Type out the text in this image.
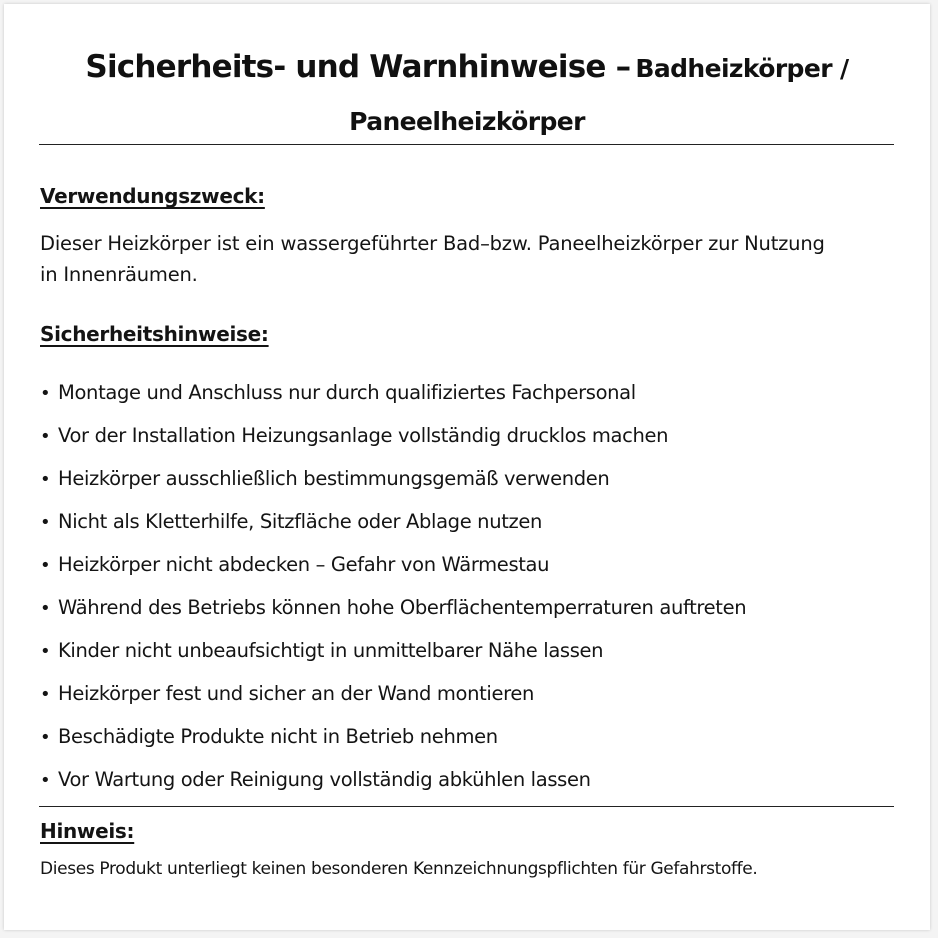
Sicherheits- und Warnhinweise – Badheizkörper / Paneelheizkörper
Verwendungszweck:

Dieser Heizkörper ist ein wassergeführter Bad–bzw. Paneelheizkörper zur Nutzung in Innenräumen.

Sicherheitshinweise:
• Montage und Anschluss nur durch qualifiziertes Fachpersonal
• Vor der Installation Heizungsanlage vollständig drucklos machen
• Heizkörper ausschließlich bestimmungsgemäß verwenden
• Nicht als Kletterhilfe, Sitzfläche oder Ablage nutzen
• Heizkörper nicht abdecken – Gefahr von Wärmestau
• Während des Betriebs können hohe Oberflächentemperraturen auftreten
• Kinder nicht unbeaufsichtigt in unmittelbarer Nähe lassen
• Heizkörper fest und sicher an der Wand montieren
• Beschädigte Produkte nicht in Betrieb nehmen
• Vor Wartung oder Reinigung vollständig abkühlen lassen
Hinweis:

Dieses Produkt unterliegt keinen besonderen Kennzeichnungspflichten für Gefahrstoffe.
